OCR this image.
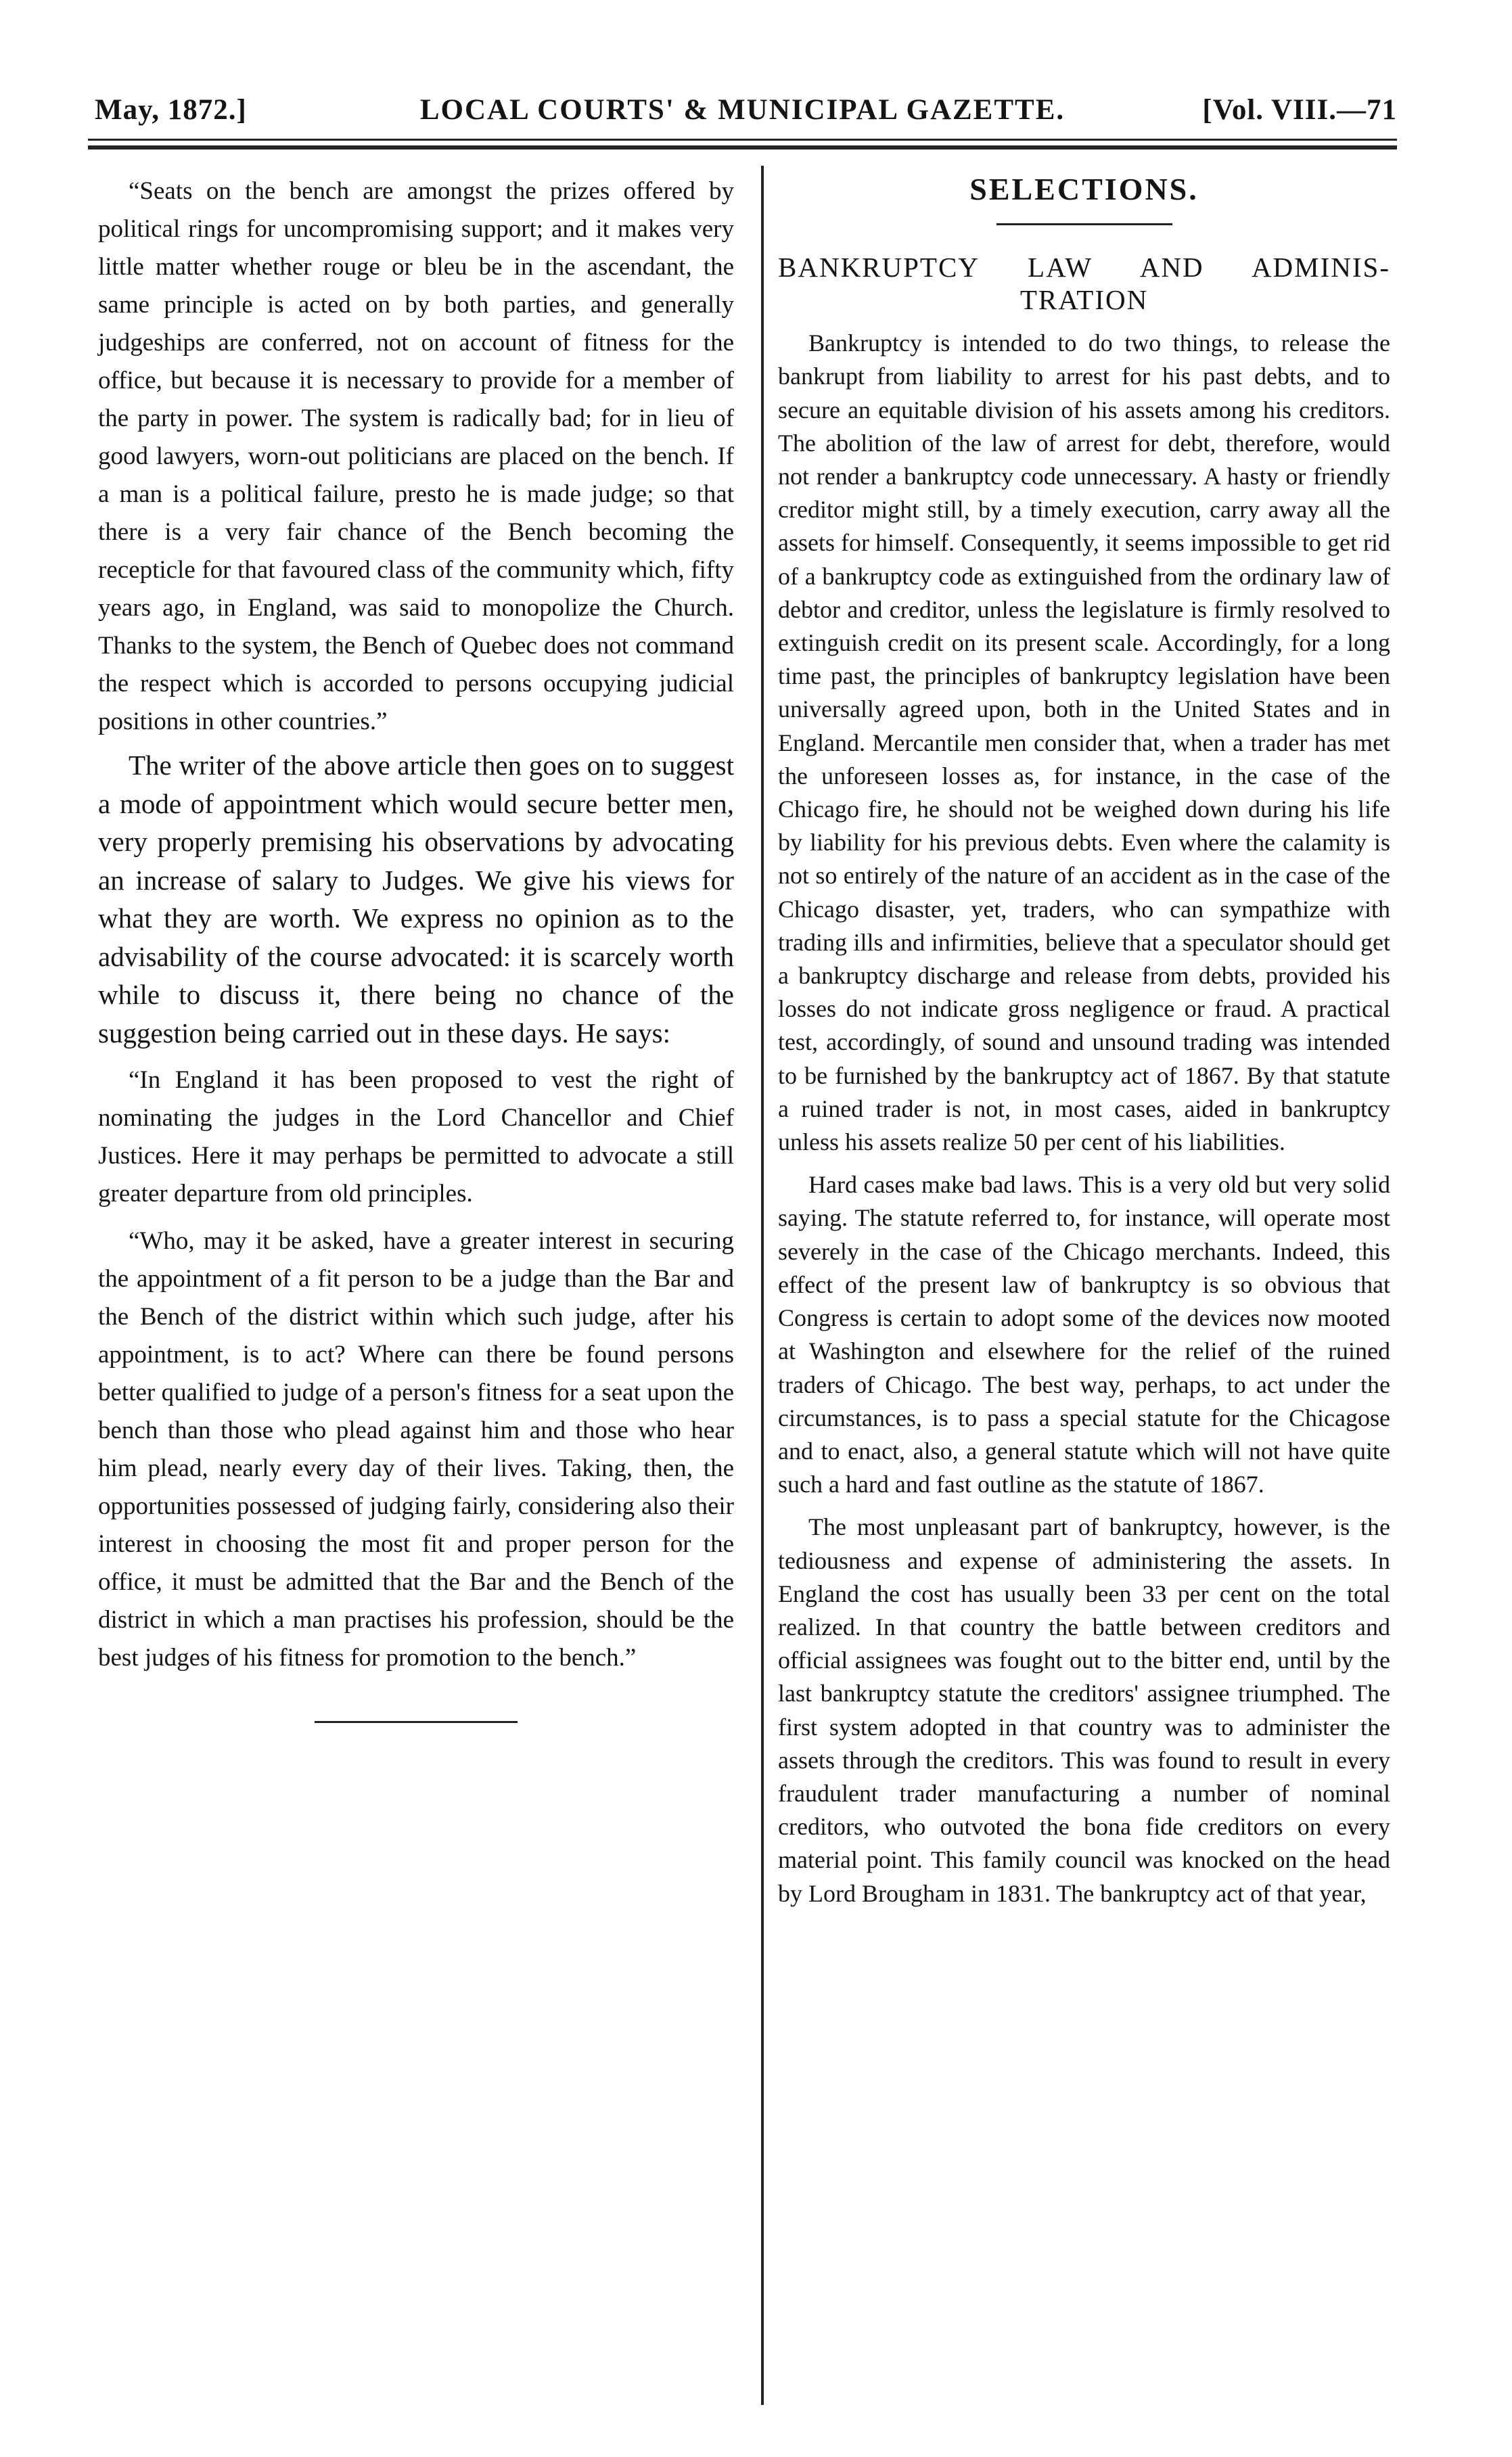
May, 1872.]	LOCAL COURTS' & MUNICIPAL GAZETTE.	[Vol. VIII.—71

“Seats on the bench are amongst the prizes offered by political rings for uncompromising support; and it makes very little matter whether rouge or bleu be in the ascendant, the same principle is acted on by both parties, and generally judgeships are conferred, not on account of fitness for the office, but because it is necessary to provide for a member of the party in power. The system is radically bad; for in lieu of good lawyers, worn-out politicians are placed on the bench. If a man is a political failure, presto he is made judge; so that there is a very fair chance of the Bench becoming the recepticle for that favoured class of the community which, fifty years ago, in England, was said to monopolize the Church. Thanks to the system, the Bench of Quebec does not command the respect which is accorded to persons occupying judicial positions in other countries.”

The writer of the above article then goes on to suggest a mode of appointment which would secure better men, very properly premising his observations by advocating an increase of salary to Judges. We give his views for what they are worth. We express no opinion as to the advisability of the course advocated: it is scarcely worth while to discuss it, there being no chance of the suggestion being carried out in these days. He says:

“In England it has been proposed to vest the right of nominating the judges in the Lord Chancellor and Chief Justices. Here it may perhaps be permitted to advocate a still greater departure from old principles.

“Who, may it be asked, have a greater interest in securing the appointment of a fit person to be a judge than the Bar and the Bench of the district within which such judge, after his appointment, is to act? Where can there be found persons better qualified to judge of a person's fitness for a seat upon the bench than those who plead against him and those who hear him plead, nearly every day of their lives. Taking, then, the opportunities possessed of judging fairly, considering also their interest in choosing the most fit and proper person for the office, it must be admitted that the Bar and the Bench of the district in which a man practises his profession, should be the best judges of his fitness for promotion to the bench.”

SELECTIONS.
BANKRUPTCY LAW AND ADMINIS-
TRATION

Bankruptcy is intended to do two things, to release the bankrupt from liability to arrest for his past debts, and to secure an equitable division of his assets among his creditors. The abolition of the law of arrest for debt, therefore, would not render a bankruptcy code unnecessary. A hasty or friendly creditor might still, by a timely execution, carry away all the assets for himself. Consequently, it seems impossible to get rid of a bankruptcy code as extinguished from the ordinary law of debtor and creditor, unless the legislature is firmly resolved to extinguish credit on its present scale. Accordingly, for a long time past, the principles of bankruptcy legislation have been universally agreed upon, both in the United States and in England. Mercantile men consider that, when a trader has met the unforeseen losses as, for instance, in the case of the Chicago fire, he should not be weighed down during his life by liability for his previous debts. Even where the calamity is not so entirely of the nature of an accident as in the case of the Chicago disaster, yet, traders, who can sympathize with trading ills and infirmities, believe that a speculator should get a bankruptcy discharge and release from debts, provided his losses do not indicate gross negligence or fraud. A practical test, accordingly, of sound and unsound trading was intended to be furnished by the bankruptcy act of 1867. By that statute a ruined trader is not, in most cases, aided in bankruptcy unless his assets realize 50 per cent of his liabilities.

Hard cases make bad laws. This is a very old but very solid saying. The statute referred to, for instance, will operate most severely in the case of the Chicago merchants. Indeed, this effect of the present law of bankruptcy is so obvious that Congress is certain to adopt some of the devices now mooted at Washington and elsewhere for the relief of the ruined traders of Chicago. The best way, perhaps, to act under the circumstances, is to pass a special statute for the Chicagose and to enact, also, a general statute which will not have quite such a hard and fast outline as the statute of 1867.

The most unpleasant part of bankruptcy, however, is the tediousness and expense of administering the assets. In England the cost has usually been 33 per cent on the total realized. In that country the battle between creditors and official assignees was fought out to the bitter end, until by the last bankruptcy statute the creditors' assignee triumphed. The first system adopted in that country was to administer the assets through the creditors. This was found to result in every fraudulent trader manufacturing a number of nominal creditors, who outvoted the bona fide creditors on every material point. This family council was knocked on the head by Lord Brougham in 1831. The bankruptcy act of that year,
